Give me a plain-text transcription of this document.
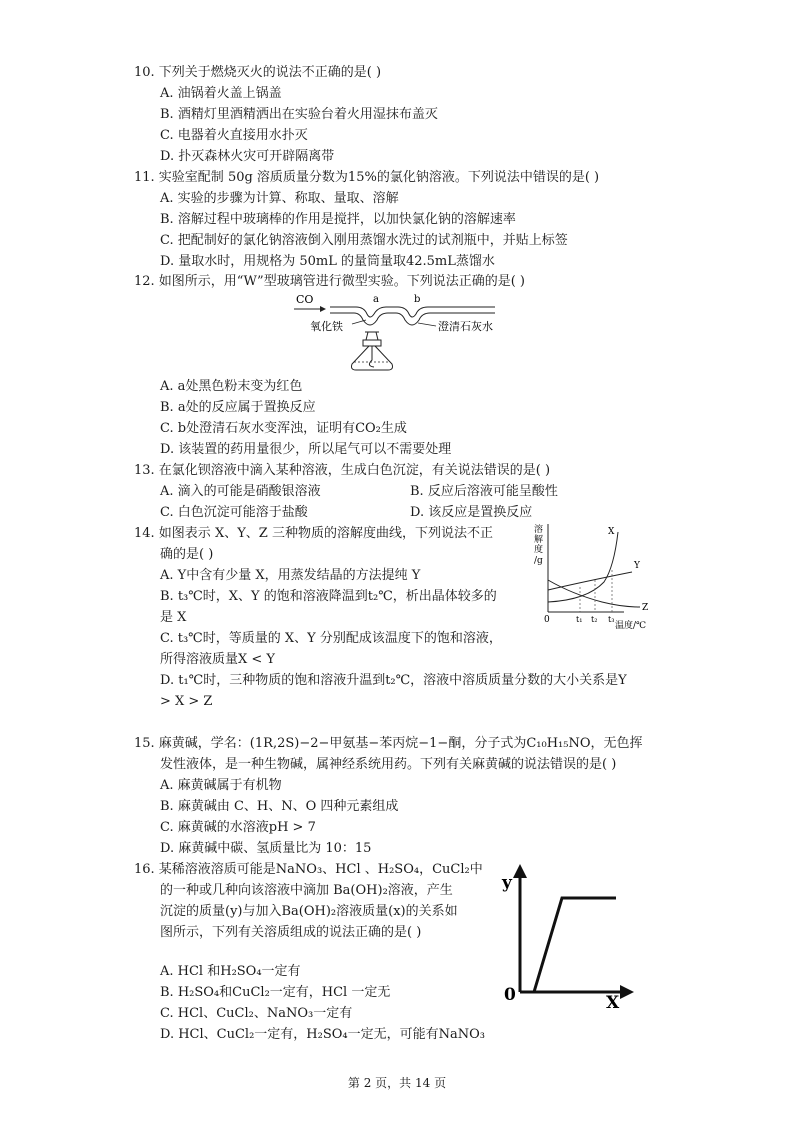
10. 下列关于燃烧灭火的说法不正确的是( )
A. 油锅着火盖上锅盖
B. 酒精灯里酒精洒出在实验台着火用湿抹布盖灭
C. 电器着火直接用水扑灭
D. 扑灭森林火灾可开辟隔离带
11. 实验室配制 50g 溶质质量分数为15%的氯化钠溶液。下列说法中错误的是( )
A. 实验的步骤为计算、称取、量取、溶解
B. 溶解过程中玻璃棒的作用是搅拌，以加快氯化钠的溶解速率
C. 把配制好的氯化钠溶液倒入刚用蒸馏水洗过的试剂瓶中，并贴上标签
D. 量取水时，用规格为 50mL 的量筒量取42.5mL蒸馏水
12. 如图所示，用“W”型玻璃管进行微型实验。下列说法正确的是( )
CO	a	b
氧化铁	澄清石灰水
A. a处黑色粉末变为红色
B. a处的反应属于置换反应
C. b处澄清石灰水变浑浊，证明有CO₂生成
D. 该装置的药用量很少，所以尾气可以不需要处理
13. 在氯化钡溶液中滴入某种溶液，生成白色沉淀，有关说法错误的是( )
A. 滴入的可能是硝酸银溶液	B. 反应后溶液可能呈酸性
C. 白色沉淀可能溶于盐酸	D. 该反应是置换反应
14. 如图表示 X、Y、Z 三种物质的溶解度曲线，下列说法不正
确的是( )
A. Y中含有少量 X，用蒸发结晶的方法提纯 Y
B. t₃℃时，X、Y 的饱和溶液降温到t₂℃，析出晶体较多的
是 X
C. t₃℃时，等质量的 X、Y 分别配成该温度下的饱和溶液，
所得溶液质量X < Y
D. t₁℃时，三种物质的饱和溶液升温到t₂℃，溶液中溶质质量分数的大小关系是Y
> X > Z
溶
解
度
/g
0
温度/℃
X
Y
Z
t₁ t₂ t₃
15. 麻黄碱，学名：(1R,2S)−2−甲氨基−苯丙烷−1−酮，分子式为C₁₀H₁₅NO，无色挥
发性液体，是一种生物碱，属神经系统用药。下列有关麻黄碱的说法错误的是( )
A. 麻黄碱属于有机物
B. 麻黄碱由 C、H、N、O 四种元素组成
C. 麻黄碱的水溶液pH > 7
D. 麻黄碱中碳、氢质量比为 10：15
16. 某稀溶液溶质可能是NaNO₃、HCl 、H₂SO₄，CuCl₂中
的一种或几种向该溶液中滴加 Ba(OH)₂溶液，产生
沉淀的质量(y)与加入Ba(OH)₂溶液质量(x)的关系如
图所示，下列有关溶质组成的说法正确的是( )
A. HCl 和H₂SO₄一定有
B. H₂SO₄和CuCl₂一定有，HCl 一定无
C. HCl、CuCl₂、NaNO₃一定有
D. HCl、CuCl₂一定有，H₂SO₄一定无，可能有NaNO₃
y
0	X
第 2 页，共 14 页
